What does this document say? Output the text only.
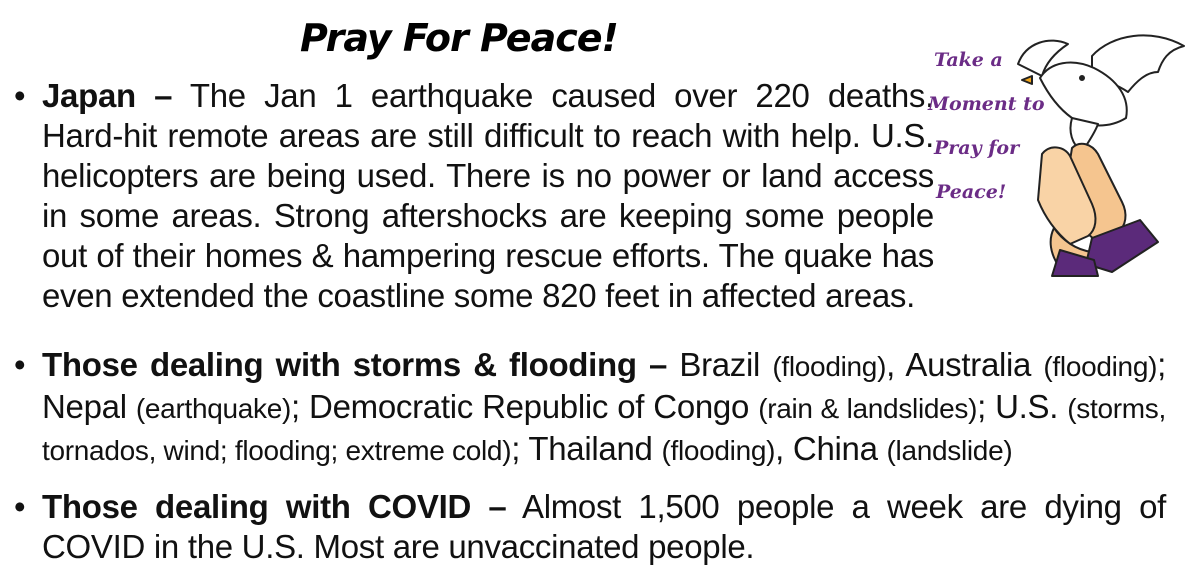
Pray For Peace!
• Japan – The Jan 1 earthquake caused over 220 deaths. Hard-hit remote areas are still difficult to reach with help. U.S. helicopters are being used. There is no power or land access in some areas. Strong aftershocks are keeping some people out of their homes & hampering rescue efforts. The quake has even extended the coastline some 820 feet in affected areas.
• Those dealing with storms & flooding – Brazil (flooding), Australia (flooding); Nepal (earthquake); Democratic Republic of Congo (rain & landslides); U.S. (storms, tornados, wind; flooding; extreme cold); Thailand (flooding), China (landslide)
• Those dealing with COVID – Almost 1,500 people a week are dying of COVID in the U.S. Most are unvaccinated people.
Take a
Moment to
Pray for
Peace!
